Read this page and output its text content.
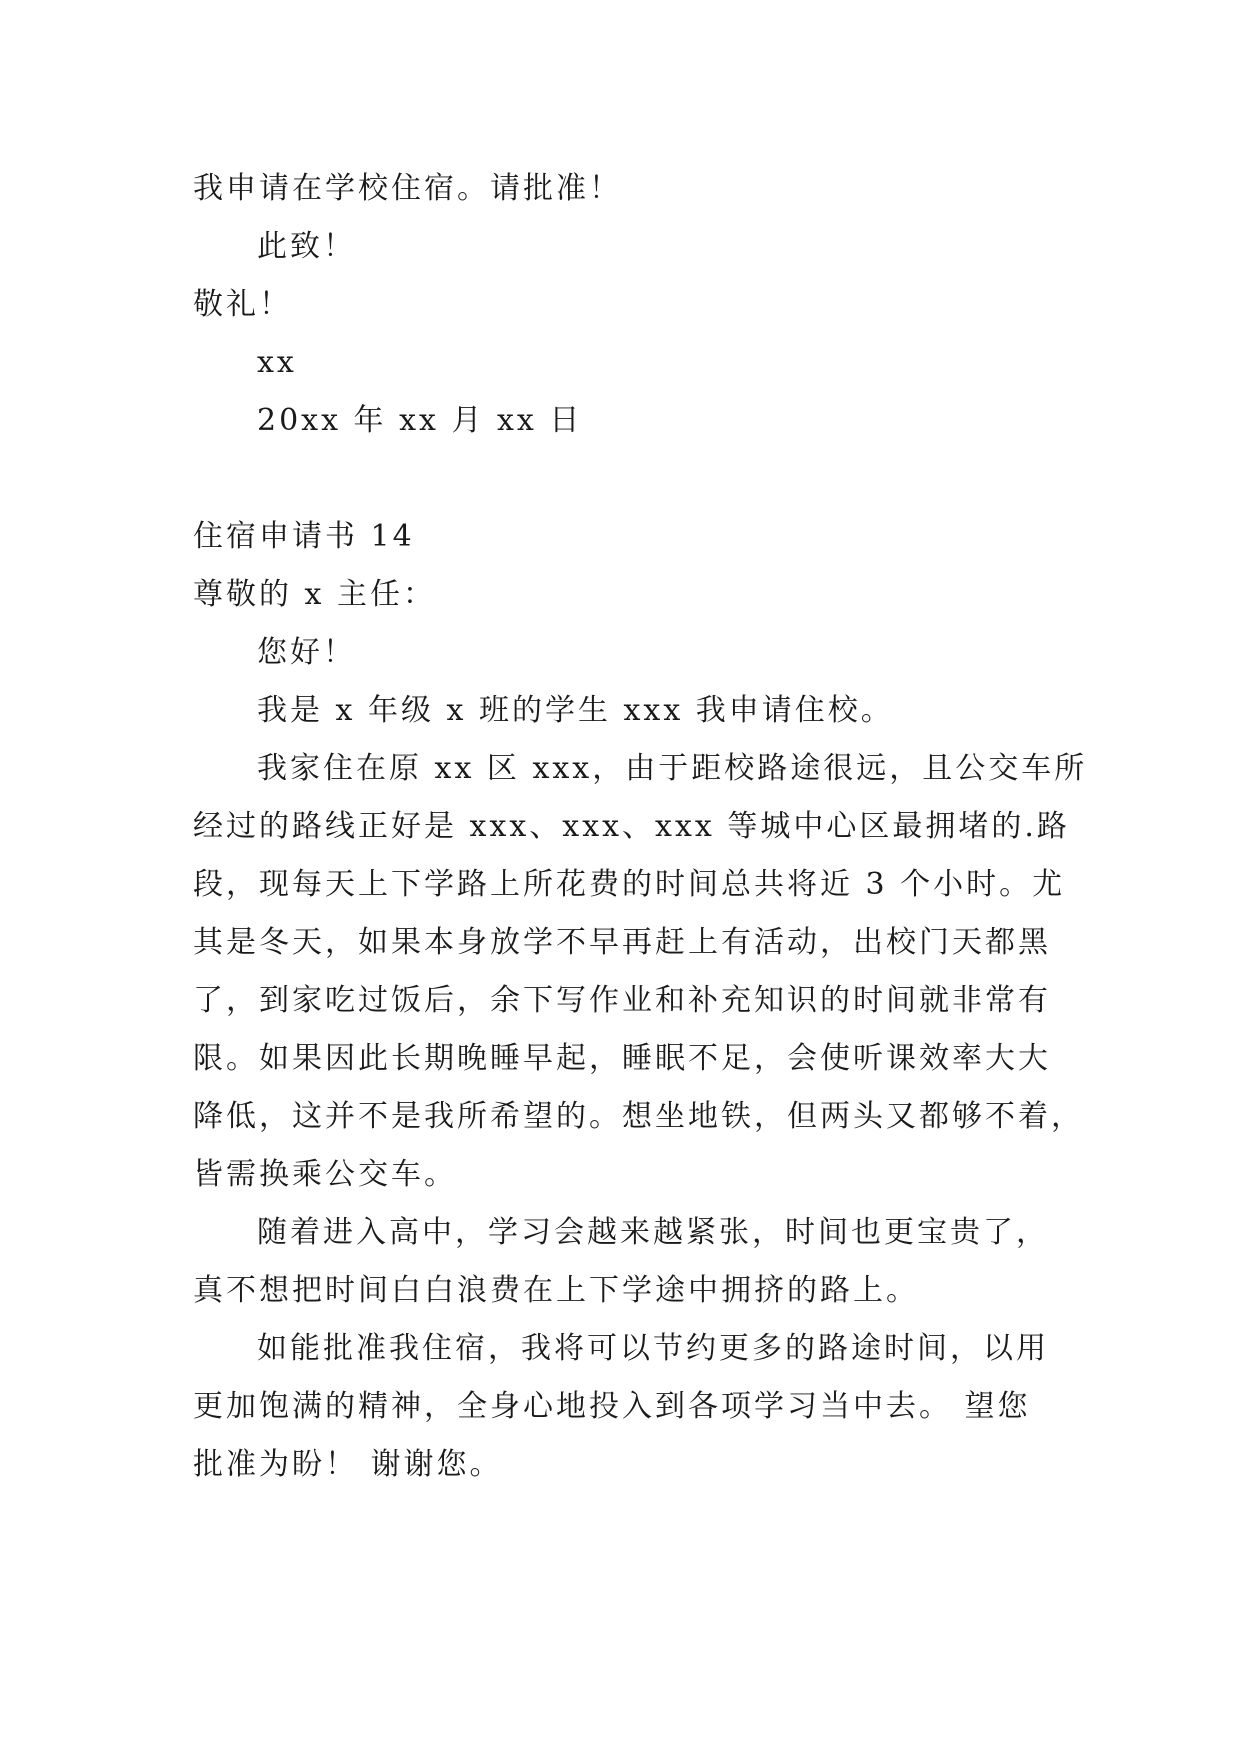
我申请在学校住宿。请批准！
此致！
敬礼！
xx
20xx 年 xx 月 xx 日
住宿申请书 14
尊敬的 x 主任：
您好！
我是 x 年级 x 班的学生 xxx 我申请住校。
我家住在原 xx 区 xxx，由于距校路途很远，且公交车所
经过的路线正好是 xxx、xxx、xxx 等城中心区最拥堵的.路
段，现每天上下学路上所花费的时间总共将近 3 个小时。尤
其是冬天，如果本身放学不早再赶上有活动，出校门天都黑
了，到家吃过饭后，余下写作业和补充知识的时间就非常有
限。如果因此长期晚睡早起，睡眠不足，会使听课效率大大
降低，这并不是我所希望的。想坐地铁，但两头又都够不着，
皆需换乘公交车。
随着进入高中，学习会越来越紧张，时间也更宝贵了，
真不想把时间白白浪费在上下学途中拥挤的路上。
如能批准我住宿，我将可以节约更多的路途时间，以用
更加饱满的精神，全身心地投入到各项学习当中去。 望您
批准为盼！ 谢谢您。
